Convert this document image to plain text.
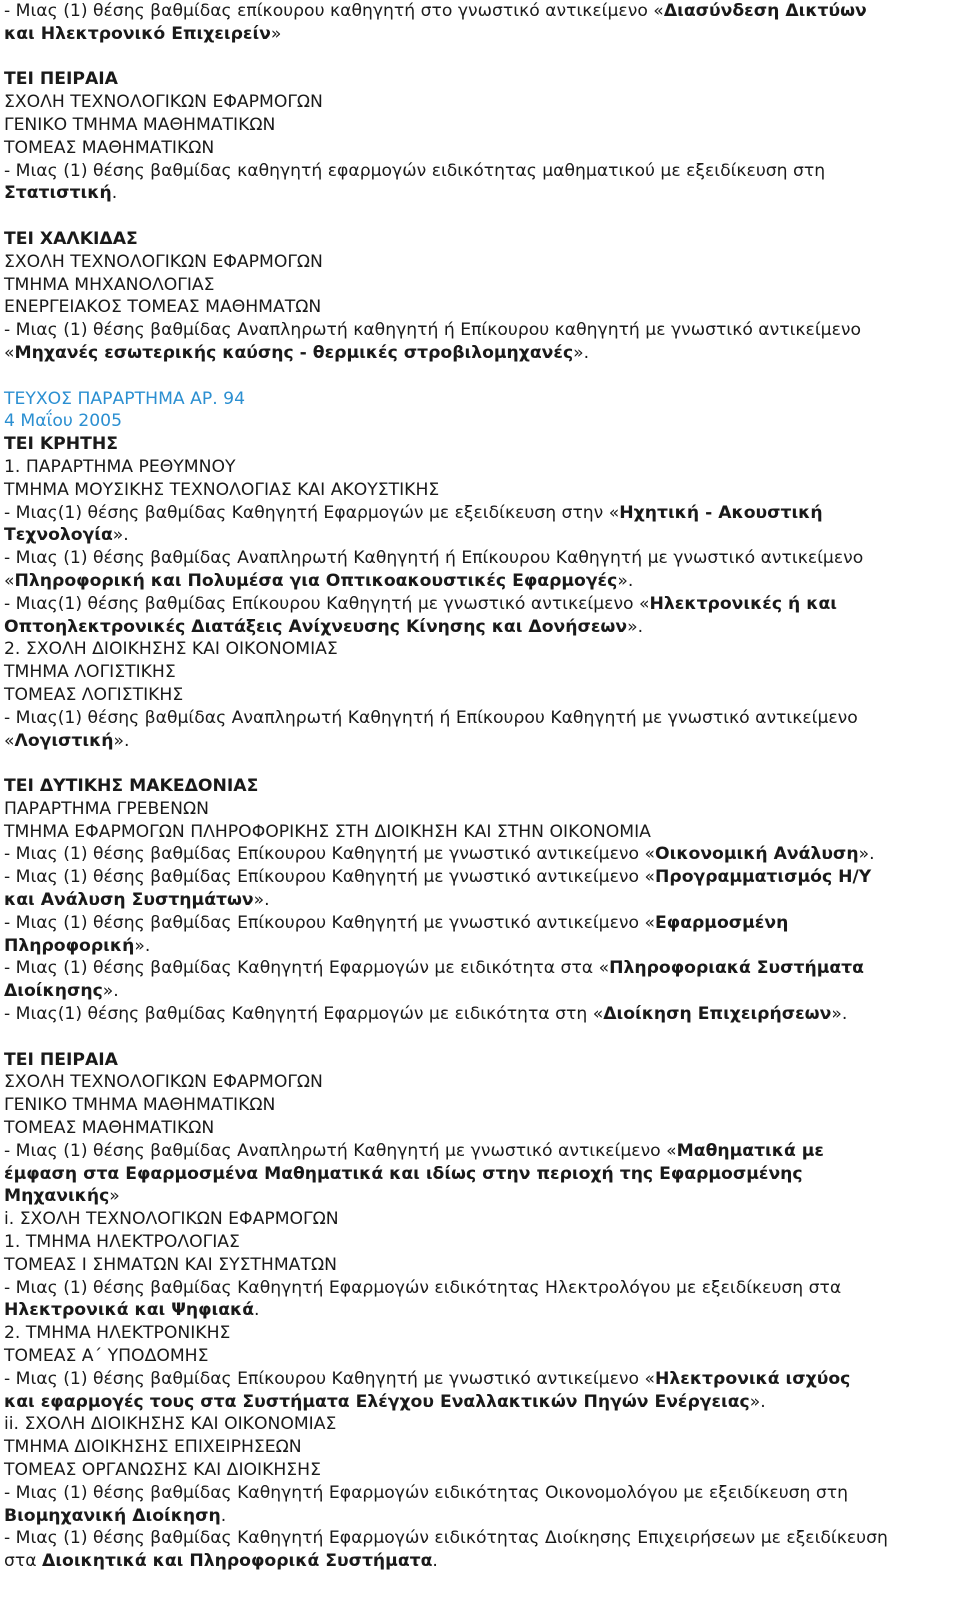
- Μιας (1) θέσης βαθμίδας επίκουρου καθηγητή στο γνωστικό αντικείμενο «Διασύνδεση Δικτύων
και Ηλεκτρονικό Επιχειρείν»
ΤΕΙ ΠΕΙΡΑΙΑ
ΣΧΟΛΗ ΤΕΧΝΟΛΟΓΙΚΩΝ ΕΦΑΡΜΟΓΩΝ
ΓΕΝΙΚΟ ΤΜΗΜΑ ΜΑΘΗΜΑΤΙΚΩΝ
ΤΟΜΕΑΣ ΜΑΘΗΜΑΤΙΚΩΝ
- Μιας (1) θέσης βαθμίδας καθηγητή εφαρμογών ειδικότητας μαθηματικού με εξειδίκευση στη
Στατιστική.
ΤΕΙ ΧΑΛΚΙΔΑΣ
ΣΧΟΛΗ ΤΕΧΝΟΛΟΓΙΚΩΝ ΕΦΑΡΜΟΓΩΝ
ΤΜΗΜΑ ΜΗΧΑΝΟΛΟΓΙΑΣ
ΕΝΕΡΓΕΙΑΚΟΣ ΤΟΜΕΑΣ ΜΑΘΗΜΑΤΩΝ
- Μιας (1) θέσης βαθμίδας Αναπληρωτή καθηγητή ή Επίκουρου καθηγητή με γνωστικό αντικείμενο
«Μηχανές εσωτερικής καύσης - θερμικές στροβιλομηχανές».
ΤΕΥΧΟΣ ΠΑΡΑΡΤΗΜΑ ΑΡ. 94
4 Μαΐου 2005
ΤΕΙ ΚΡΗΤΗΣ
1. ΠΑΡΑΡΤΗΜΑ ΡΕΘΥΜΝΟΥ
ΤΜΗΜΑ ΜΟΥΣΙΚΗΣ ΤΕΧΝΟΛΟΓΙΑΣ ΚΑΙ ΑΚΟΥΣΤΙΚΗΣ
- Μιας(1) θέσης βαθμίδας Καθηγητή Εφαρμογών με εξειδίκευση στην «Ηχητική - Ακουστική
Τεχνολογία».
- Μιας (1) θέσης βαθμίδας Αναπληρωτή Καθηγητή ή Επίκουρου Καθηγητή με γνωστικό αντικείμενο
«Πληροφορική και Πολυμέσα για Οπτικοακουστικές Εφαρμογές».
- Μιας(1) θέσης βαθμίδας Επίκουρου Καθηγητή με γνωστικό αντικείμενο «Ηλεκτρονικές ή και
Οπτοηλεκτρονικές Διατάξεις Ανίχνευσης Κίνησης και Δονήσεων».
2. ΣΧΟΛΗ ΔΙΟΙΚΗΣΗΣ ΚΑΙ ΟΙΚΟΝΟΜΙΑΣ
ΤΜΗΜΑ ΛΟΓΙΣΤΙΚΗΣ
ΤΟΜΕΑΣ ΛΟΓΙΣΤΙΚΗΣ
- Μιας(1) θέσης βαθμίδας Αναπληρωτή Καθηγητή ή Επίκουρου Καθηγητή με γνωστικό αντικείμενο
«Λογιστική».
ΤΕΙ ΔΥΤΙΚΗΣ ΜΑΚΕΔΟΝΙΑΣ
ΠΑΡΑΡΤΗΜΑ ΓΡΕΒΕΝΩΝ
ΤΜΗΜΑ ΕΦΑΡΜΟΓΩΝ ΠΛΗΡΟΦΟΡΙΚΗΣ ΣΤΗ ΔΙΟΙΚΗΣΗ ΚΑΙ ΣΤΗΝ ΟΙΚΟΝΟΜΙΑ
- Μιας (1) θέσης βαθμίδας Επίκουρου Καθηγητή με γνωστικό αντικείμενο «Οικονομική Ανάλυση».
- Μιας (1) θέσης βαθμίδας Επίκουρου Καθηγητή με γνωστικό αντικείμενο «Προγραμματισμός Η/Υ
και Ανάλυση Συστημάτων».
- Μιας (1) θέσης βαθμίδας Επίκουρου Καθηγητή με γνωστικό αντικείμενο «Εφαρμοσμένη
Πληροφορική».
- Μιας (1) θέσης βαθμίδας Καθηγητή Εφαρμογών με ειδικότητα στα «Πληροφοριακά Συστήματα
Διοίκησης».
- Μιας(1) θέσης βαθμίδας Καθηγητή Εφαρμογών με ειδικότητα στη «Διοίκηση Επιχειρήσεων».
ΤΕΙ ΠΕΙΡΑΙΑ
ΣΧΟΛΗ ΤΕΧΝΟΛΟΓΙΚΩΝ ΕΦΑΡΜΟΓΩΝ
ΓΕΝΙΚΟ ΤΜΗΜΑ ΜΑΘΗΜΑΤΙΚΩΝ
ΤΟΜΕΑΣ ΜΑΘΗΜΑΤΙΚΩΝ
- Μιας (1) θέσης βαθμίδας Αναπληρωτή Καθηγητή με γνωστικό αντικείμενο «Μαθηματικά με
έμφαση στα Εφαρμοσμένα Μαθηματικά και ιδίως στην περιοχή της Εφαρμοσμένης
Μηχανικής»
i. ΣΧΟΛΗ ΤΕΧΝΟΛΟΓΙΚΩΝ ΕΦΑΡΜΟΓΩΝ
1. ΤΜΗΜΑ ΗΛΕΚΤΡΟΛΟΓΙΑΣ
ΤΟΜΕΑΣ Ι ΣΗΜΑΤΩΝ ΚΑΙ ΣΥΣΤΗΜΑΤΩΝ
- Μιας (1) θέσης βαθμίδας Καθηγητή Εφαρμογών ειδικότητας Ηλεκτρολόγου με εξειδίκευση στα
Ηλεκτρονικά και Ψηφιακά.
2. ΤΜΗΜΑ ΗΛΕΚΤΡΟΝΙΚΗΣ
ΤΟΜΕΑΣ Α΄ ΥΠΟΔΟΜΗΣ
- Μιας (1) θέσης βαθμίδας Επίκουρου Καθηγητή με γνωστικό αντικείμενο «Ηλεκτρονικά ισχύος
και εφαρμογές τους στα Συστήματα Ελέγχου Εναλλακτικών Πηγών Ενέργειας».
ii. ΣΧΟΛΗ ΔΙΟΙΚΗΣΗΣ ΚΑΙ ΟΙΚΟΝΟΜΙΑΣ
ΤΜΗΜΑ ΔΙΟΙΚΗΣΗΣ ΕΠΙΧΕΙΡΗΣΕΩΝ
ΤΟΜΕΑΣ ΟΡΓΑΝΩΣΗΣ ΚΑΙ ΔΙΟΙΚΗΣΗΣ
- Μιας (1) θέσης βαθμίδας Καθηγητή Εφαρμογών ειδικότητας Οικονομολόγου με εξειδίκευση στη
Βιομηχανική Διοίκηση.
- Μιας (1) θέσης βαθμίδας Καθηγητή Εφαρμογών ειδικότητας Διοίκησης Επιχειρήσεων με εξειδίκευση
στα Διοικητικά και Πληροφορικά Συστήματα.
